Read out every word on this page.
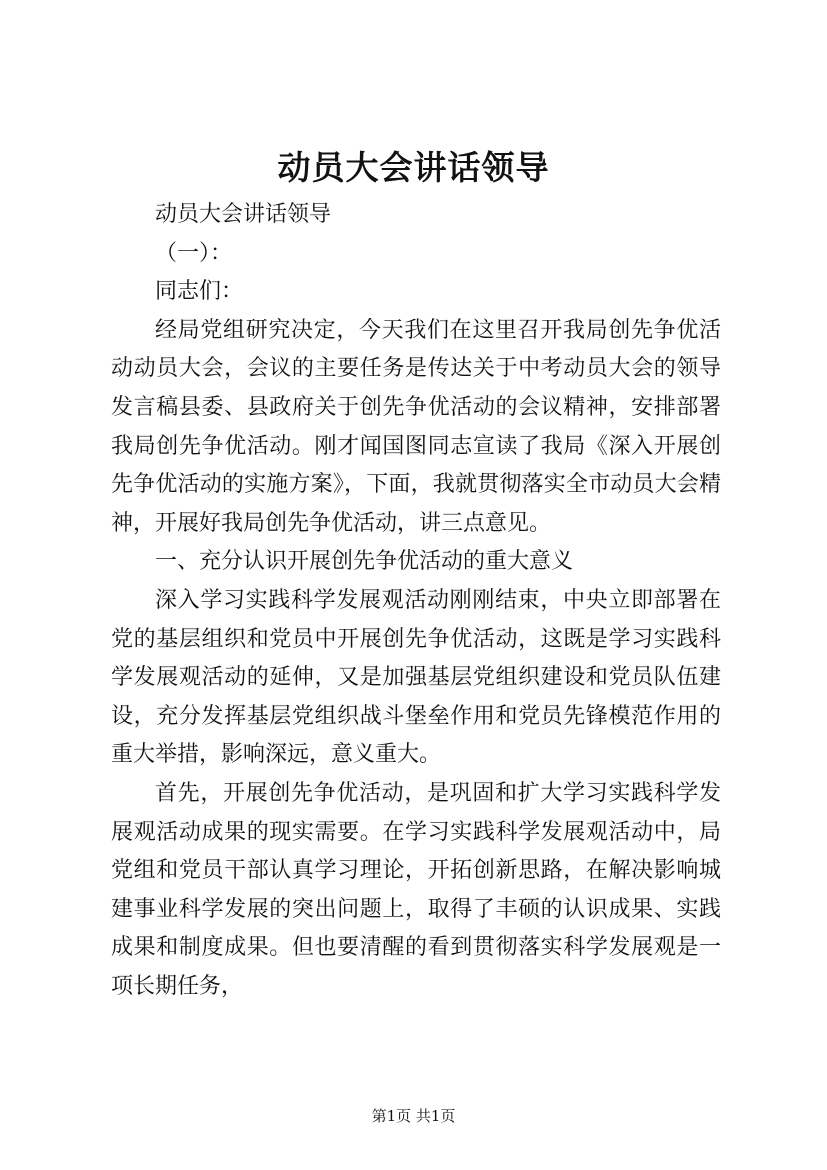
动员大会讲话领导

动员大会讲话领导

（一）：

同志们：

经局党组研究决定，今天我们在这里召开我局创先争优活动动员大会，会议的主要任务是传达关于中考动员大会的领导发言稿县委、县政府关于创先争优活动的会议精神，安排部署我局创先争优活动。刚才闻国图同志宣读了我局《深入开展创先争优活动的实施方案》，下面，我就贯彻落实全市动员大会精神，开展好我局创先争优活动，讲三点意见。

一、充分认识开展创先争优活动的重大意义

深入学习实践科学发展观活动刚刚结束，中央立即部署在党的基层组织和党员中开展创先争优活动，这既是学习实践科学发展观活动的延伸，又是加强基层党组织建设和党员队伍建设，充分发挥基层党组织战斗堡垒作用和党员先锋模范作用的重大举措，影响深远，意义重大。

首先，开展创先争优活动，是巩固和扩大学习实践科学发展观活动成果的现实需要。在学习实践科学发展观活动中，局党组和党员干部认真学习理论，开拓创新思路，在解决影响城建事业科学发展的突出问题上，取得了丰硕的认识成果、实践成果和制度成果。但也要清醒的看到贯彻落实科学发展观是一项长期任务，

第1页 共1页
